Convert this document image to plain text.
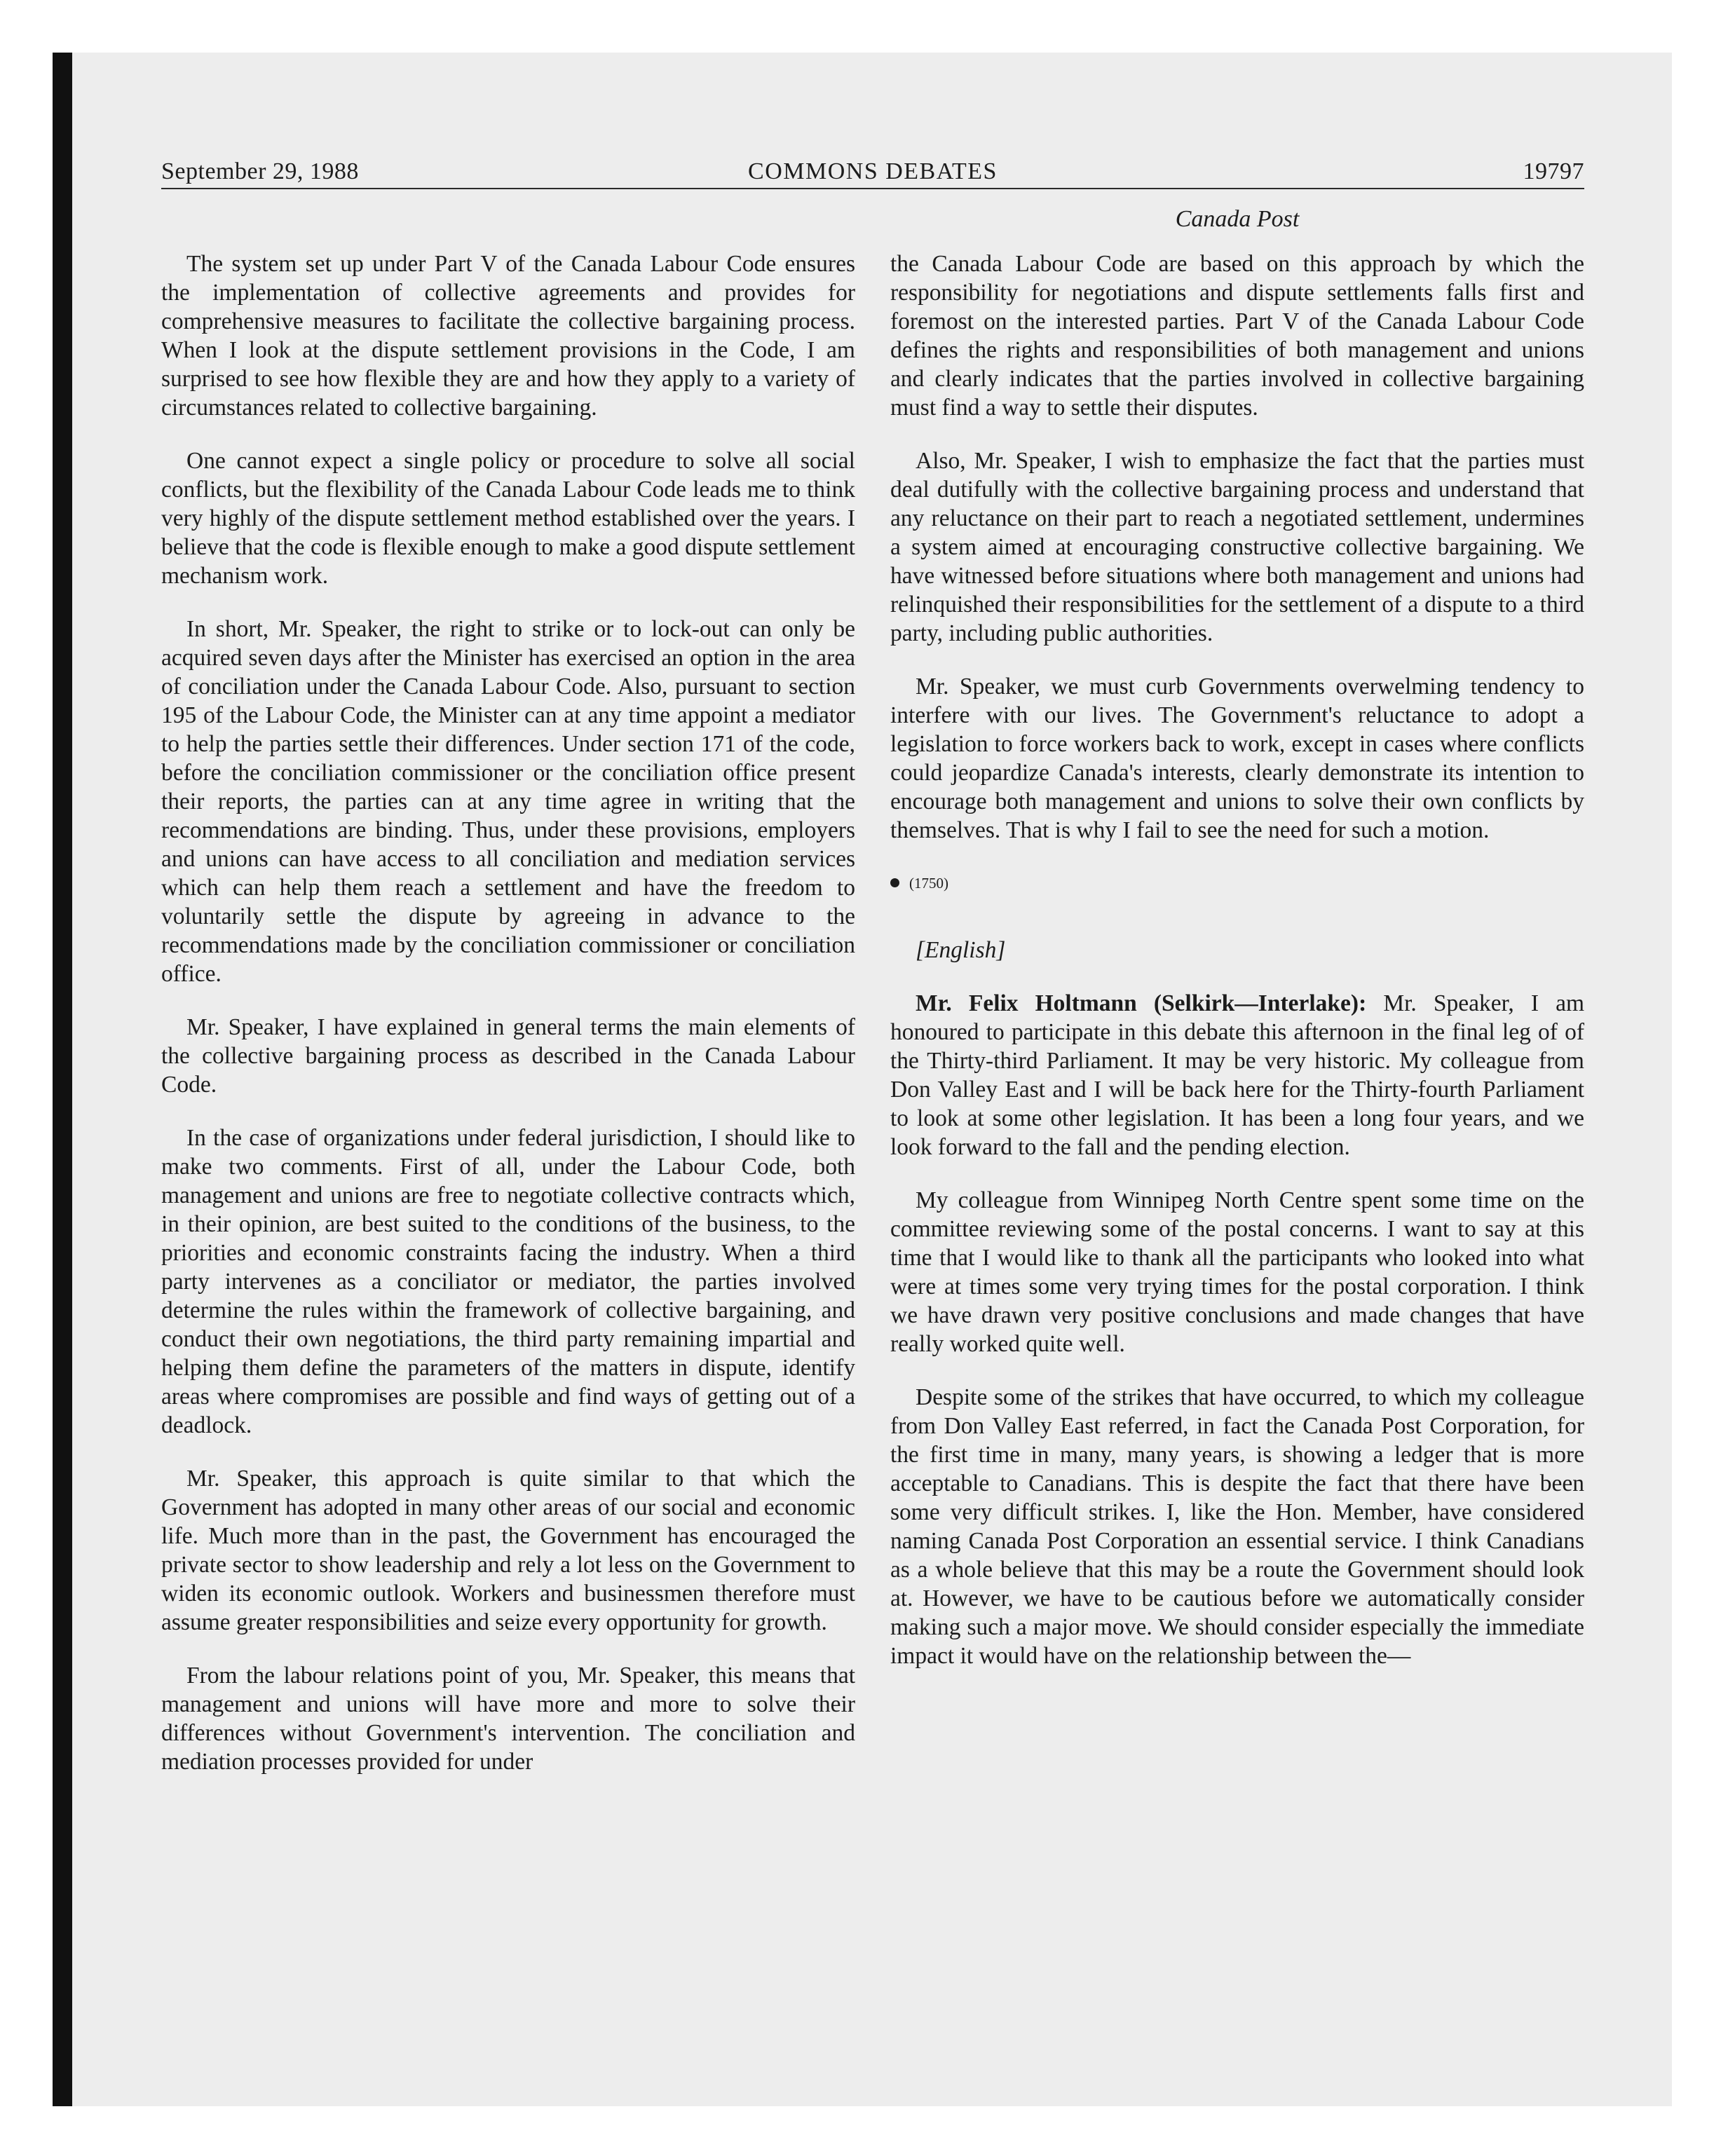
September 29, 1988	COMMONS DEBATES	19797
Canada Post

The system set up under Part V of the Canada Labour Code ensures the implementation of collective agreements and provides for comprehensive measures to facilitate the collective bargaining process. When I look at the dispute settlement provisions in the Code, I am surprised to see how flexible they are and how they apply to a variety of circumstances related to collective bargaining.

One cannot expect a single policy or procedure to solve all social conflicts, but the flexibility of the Canada Labour Code leads me to think very highly of the dispute settlement method established over the years. I believe that the code is flexible enough to make a good dispute settlement mechanism work.

In short, Mr. Speaker, the right to strike or to lock-out can only be acquired seven days after the Minister has exercised an option in the area of conciliation under the Canada Labour Code. Also, pursuant to section 195 of the Labour Code, the Minister can at any time appoint a mediator to help the parties settle their differences. Under section 171 of the code, before the conciliation commissioner or the conciliation office present their reports, the parties can at any time agree in writing that the recommendations are binding. Thus, under these provisions, employers and unions can have access to all conciliation and mediation services which can help them reach a settlement and have the freedom to voluntarily settle the dispute by agreeing in advance to the recommendations made by the conciliation commissioner or conciliation office.

Mr. Speaker, I have explained in general terms the main elements of the collective bargaining process as described in the Canada Labour Code.

In the case of organizations under federal jurisdiction, I should like to make two comments. First of all, under the Labour Code, both management and unions are free to negotiate collective contracts which, in their opinion, are best suited to the conditions of the business, to the priorities and economic constraints facing the industry. When a third party intervenes as a conciliator or mediator, the parties involved determine the rules within the framework of collective bargaining, and conduct their own negotiations, the third party remaining impartial and helping them define the parameters of the matters in dispute, identify areas where compromises are possible and find ways of getting out of a deadlock.

Mr. Speaker, this approach is quite similar to that which the Government has adopted in many other areas of our social and economic life. Much more than in the past, the Government has encouraged the private sector to show leadership and rely a lot less on the Government to widen its economic outlook. Workers and businessmen therefore must assume greater responsibilities and seize every opportunity for growth.

From the labour relations point of you, Mr. Speaker, this means that management and unions will have more and more to solve their differences without Government's intervention. The conciliation and mediation processes provided for under

the Canada Labour Code are based on this approach by which the responsibility for negotiations and dispute settlements falls first and foremost on the interested parties. Part V of the Canada Labour Code defines the rights and responsibilities of both management and unions and clearly indicates that the parties involved in collective bargaining must find a way to settle their disputes.

Also, Mr. Speaker, I wish to emphasize the fact that the parties must deal dutifully with the collective bargaining process and understand that any reluctance on their part to reach a negotiated settlement, undermines a system aimed at encouraging constructive collective bargaining. We have witnessed before situations where both management and unions had relinquished their responsibilities for the settlement of a dispute to a third party, including public authorities.

Mr. Speaker, we must curb Governments overwelming tendency to interfere with our lives. The Government's reluctance to adopt a legislation to force workers back to work, except in cases where conflicts could jeopardize Canada's interests, clearly demonstrate its intention to encourage both management and unions to solve their own conflicts by themselves. That is why I fail to see the need for such a motion.

(1750)

[English]

Mr. Felix Holtmann (Selkirk—Interlake): Mr. Speaker, I am honoured to participate in this debate this afternoon in the final leg of of the Thirty-third Parliament. It may be very historic. My colleague from Don Valley East and I will be back here for the Thirty-fourth Parliament to look at some other legislation. It has been a long four years, and we look forward to the fall and the pending election.

My colleague from Winnipeg North Centre spent some time on the committee reviewing some of the postal concerns. I want to say at this time that I would like to thank all the participants who looked into what were at times some very trying times for the postal corporation. I think we have drawn very positive conclusions and made changes that have really worked quite well.

Despite some of the strikes that have occurred, to which my colleague from Don Valley East referred, in fact the Canada Post Corporation, for the first time in many, many years, is showing a ledger that is more acceptable to Canadians. This is despite the fact that there have been some very difficult strikes. I, like the Hon. Member, have considered naming Canada Post Corporation an essential service. I think Canadians as a whole believe that this may be a route the Government should look at. However, we have to be cautious before we automatically consider making such a major move. We should consider especially the immediate impact it would have on the relationship between the—
